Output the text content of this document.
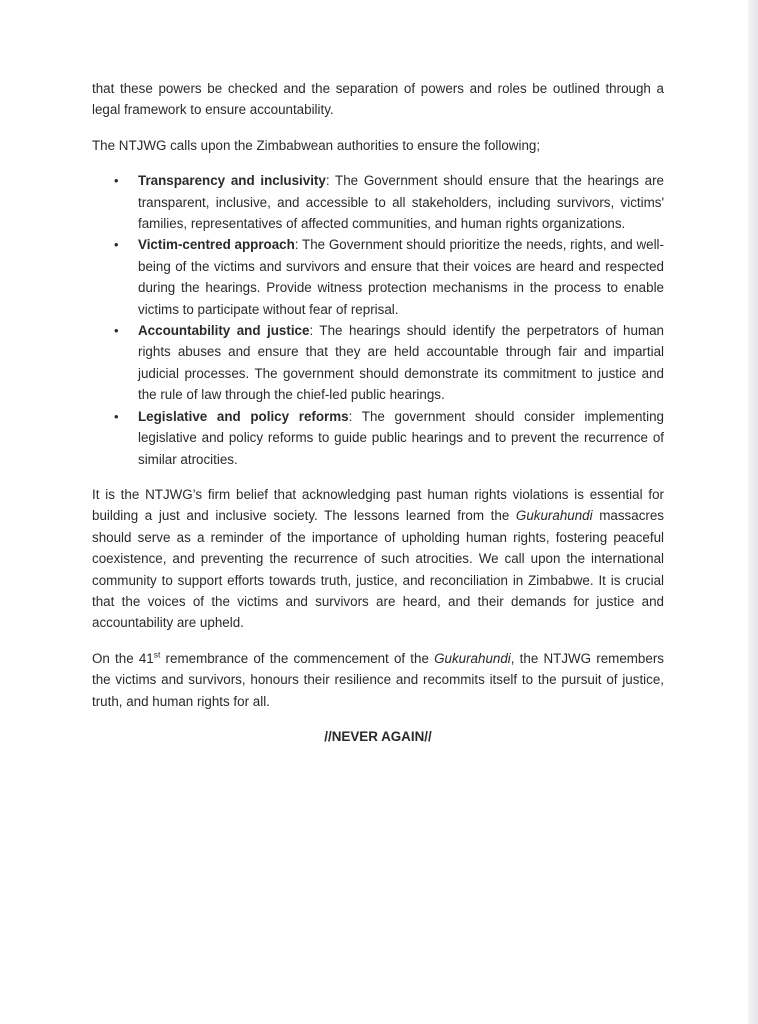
that these powers be checked and the separation of powers and roles be outlined through a legal framework to ensure accountability.

The NTJWG calls upon the Zimbabwean authorities to ensure the following;

• Transparency and inclusivity: The Government should ensure that the hearings are transparent, inclusive, and accessible to all stakeholders, including survivors, victims' families, representatives of affected communities, and human rights organizations.
• Victim-centred approach: The Government should prioritize the needs, rights, and well-being of the victims and survivors and ensure that their voices are heard and respected during the hearings. Provide witness protection mechanisms in the process to enable victims to participate without fear of reprisal.
• Accountability and justice: The hearings should identify the perpetrators of human rights abuses and ensure that they are held accountable through fair and impartial judicial processes. The government should demonstrate its commitment to justice and the rule of law through the chief-led public hearings.
• Legislative and policy reforms: The government should consider implementing legislative and policy reforms to guide public hearings and to prevent the recurrence of similar atrocities.

It is the NTJWG’s firm belief that acknowledging past human rights violations is essential for building a just and inclusive society. The lessons learned from the Gukurahundi massacres should serve as a reminder of the importance of upholding human rights, fostering peaceful coexistence, and preventing the recurrence of such atrocities. We call upon the international community to support efforts towards truth, justice, and reconciliation in Zimbabwe. It is crucial that the voices of the victims and survivors are heard, and their demands for justice and accountability are upheld.

On the 41st remembrance of the commencement of the Gukurahundi, the NTJWG remembers the victims and survivors, honours their resilience and recommits itself to the pursuit of justice, truth, and human rights for all.

//NEVER AGAIN//
